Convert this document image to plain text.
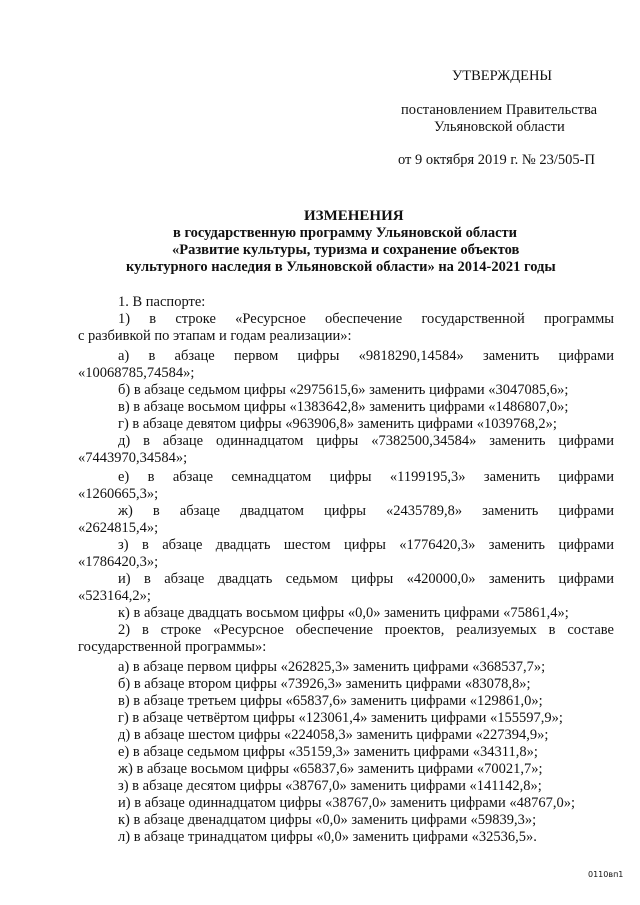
УТВЕРЖДЕНЫ
постановлением Правительства
Ульяновской области
от 9 октября 2019 г. № 23/505-П
ИЗМЕНЕНИЯ
в государственную программу Ульяновской области
«Развитие культуры, туризма и сохранение объектов
культурного наследия в Ульяновской области» на 2014-2021 годы
1. В паспорте:
1) в строке «Ресурсное обеспечение государственной программы
с разбивкой по этапам и годам реализации»:
а) в абзаце первом цифры «9818290,14584» заменить цифрами
«10068785,74584»;
б) в абзаце седьмом цифры «2975615,6» заменить цифрами «3047085,6»;
в) в абзаце восьмом цифры «1383642,8» заменить цифрами «1486807,0»;
г) в абзаце девятом цифры «963906,8» заменить цифрами «1039768,2»;
д) в абзаце одиннадцатом цифры «7382500,34584» заменить цифрами
«7443970,34584»;
е) в абзаце семнадцатом цифры «1199195,3» заменить цифрами
«1260665,3»;
ж) в абзаце двадцатом цифры «2435789,8» заменить цифрами
«2624815,4»;
з) в абзаце двадцать шестом цифры «1776420,3» заменить цифрами
«1786420,3»;
и) в абзаце двадцать седьмом цифры «420000,0» заменить цифрами
«523164,2»;
к) в абзаце двадцать восьмом цифры «0,0» заменить цифрами «75861,4»;
2) в строке «Ресурсное обеспечение проектов, реализуемых в составе
государственной программы»:
а) в абзаце первом цифры «262825,3» заменить цифрами «368537,7»;
б) в абзаце втором цифры «73926,3» заменить цифрами «83078,8»;
в) в абзаце третьем цифры «65837,6» заменить цифрами «129861,0»;
г) в абзаце четвёртом цифры «123061,4» заменить цифрами «155597,9»;
д) в абзаце шестом цифры «224058,3» заменить цифрами «227394,9»;
е) в абзаце седьмом цифры «35159,3» заменить цифрами «34311,8»;
ж) в абзаце восьмом цифры «65837,6» заменить цифрами «70021,7»;
з) в абзаце десятом цифры «38767,0» заменить цифрами «141142,8»;
и) в абзаце одиннадцатом цифры «38767,0» заменить цифрами «48767,0»;
к) в абзаце двенадцатом цифры «0,0» заменить цифрами «59839,3»;
л) в абзаце тринадцатом цифры «0,0» заменить цифрами «32536,5».
0110вп1
